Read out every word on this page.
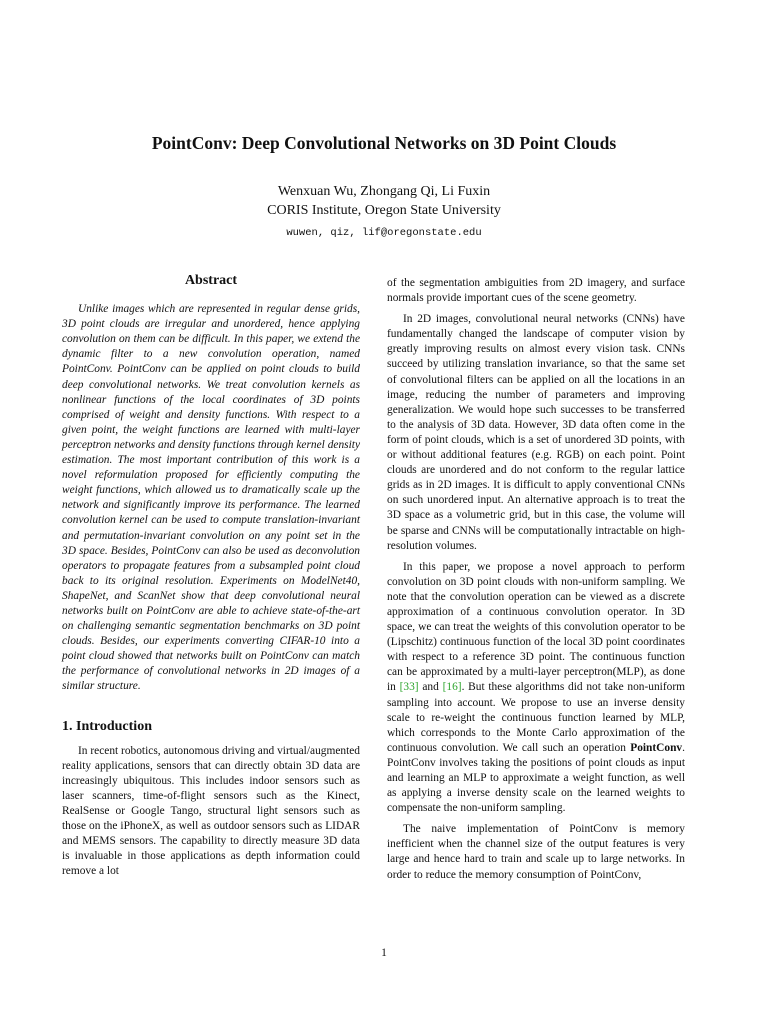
PointConv: Deep Convolutional Networks on 3D Point Clouds
Wenxuan Wu, Zhongang Qi, Li Fuxin
CORIS Institute, Oregon State University
wuwen, qiz, lif@oregonstate.edu
Abstract

Unlike images which are represented in regular dense grids, 3D point clouds are irregular and unordered, hence applying convolution on them can be difficult. In this paper, we extend the dynamic filter to a new convolution operation, named PointConv. PointConv can be applied on point clouds to build deep convolutional networks. We treat convolution kernels as nonlinear functions of the local coordinates of 3D points comprised of weight and density functions. With respect to a given point, the weight functions are learned with multi-layer perceptron networks and density functions through kernel density estimation. The most important contribution of this work is a novel reformulation proposed for efficiently computing the weight functions, which allowed us to dramatically scale up the network and significantly improve its performance. The learned convolution kernel can be used to compute translation-invariant and permutation-invariant convolution on any point set in the 3D space. Besides, PointConv can also be used as deconvolution operators to propagate features from a subsampled point cloud back to its original resolution. Experiments on ModelNet40, ShapeNet, and ScanNet show that deep convolutional neural networks built on PointConv are able to achieve state-of-the-art on challenging semantic segmentation benchmarks on 3D point clouds. Besides, our experiments converting CIFAR-10 into a point cloud showed that networks built on PointConv can match the performance of convolutional networks in 2D images of a similar structure.

1. Introduction

In recent robotics, autonomous driving and virtual/augmented reality applications, sensors that can directly obtain 3D data are increasingly ubiquitous. This includes indoor sensors such as laser scanners, time-of-flight sensors such as the Kinect, RealSense or Google Tango, structural light sensors such as those on the iPhoneX, as well as outdoor sensors such as LIDAR and MEMS sensors. The capability to directly measure 3D data is invaluable in those applications as depth information could remove a lot

of the segmentation ambiguities from 2D imagery, and surface normals provide important cues of the scene geometry.

In 2D images, convolutional neural networks (CNNs) have fundamentally changed the landscape of computer vision by greatly improving results on almost every vision task. CNNs succeed by utilizing translation invariance, so that the same set of convolutional filters can be applied on all the locations in an image, reducing the number of parameters and improving generalization. We would hope such successes to be transferred to the analysis of 3D data. However, 3D data often come in the form of point clouds, which is a set of unordered 3D points, with or without additional features (e.g. RGB) on each point. Point clouds are unordered and do not conform to the regular lattice grids as in 2D images. It is difficult to apply conventional CNNs on such unordered input. An alternative approach is to treat the 3D space as a volumetric grid, but in this case, the volume will be sparse and CNNs will be computationally intractable on high-resolution volumes.

In this paper, we propose a novel approach to perform convolution on 3D point clouds with non-uniform sampling. We note that the convolution operation can be viewed as a discrete approximation of a continuous convolution operator. In 3D space, we can treat the weights of this convolution operator to be (Lipschitz) continuous function of the local 3D point coordinates with respect to a reference 3D point. The continuous function can be approximated by a multi-layer perceptron(MLP), as done in [33] and [16]. But these algorithms did not take non-uniform sampling into account. We propose to use an inverse density scale to re-weight the continuous function learned by MLP, which corresponds to the Monte Carlo approximation of the continuous convolution. We call such an operation PointConv. PointConv involves taking the positions of point clouds as input and learning an MLP to approximate a weight function, as well as applying a inverse density scale on the learned weights to compensate the non-uniform sampling.

The naive implementation of PointConv is memory inefficient when the channel size of the output features is very large and hence hard to train and scale up to large networks. In order to reduce the memory consumption of PointConv,

1
